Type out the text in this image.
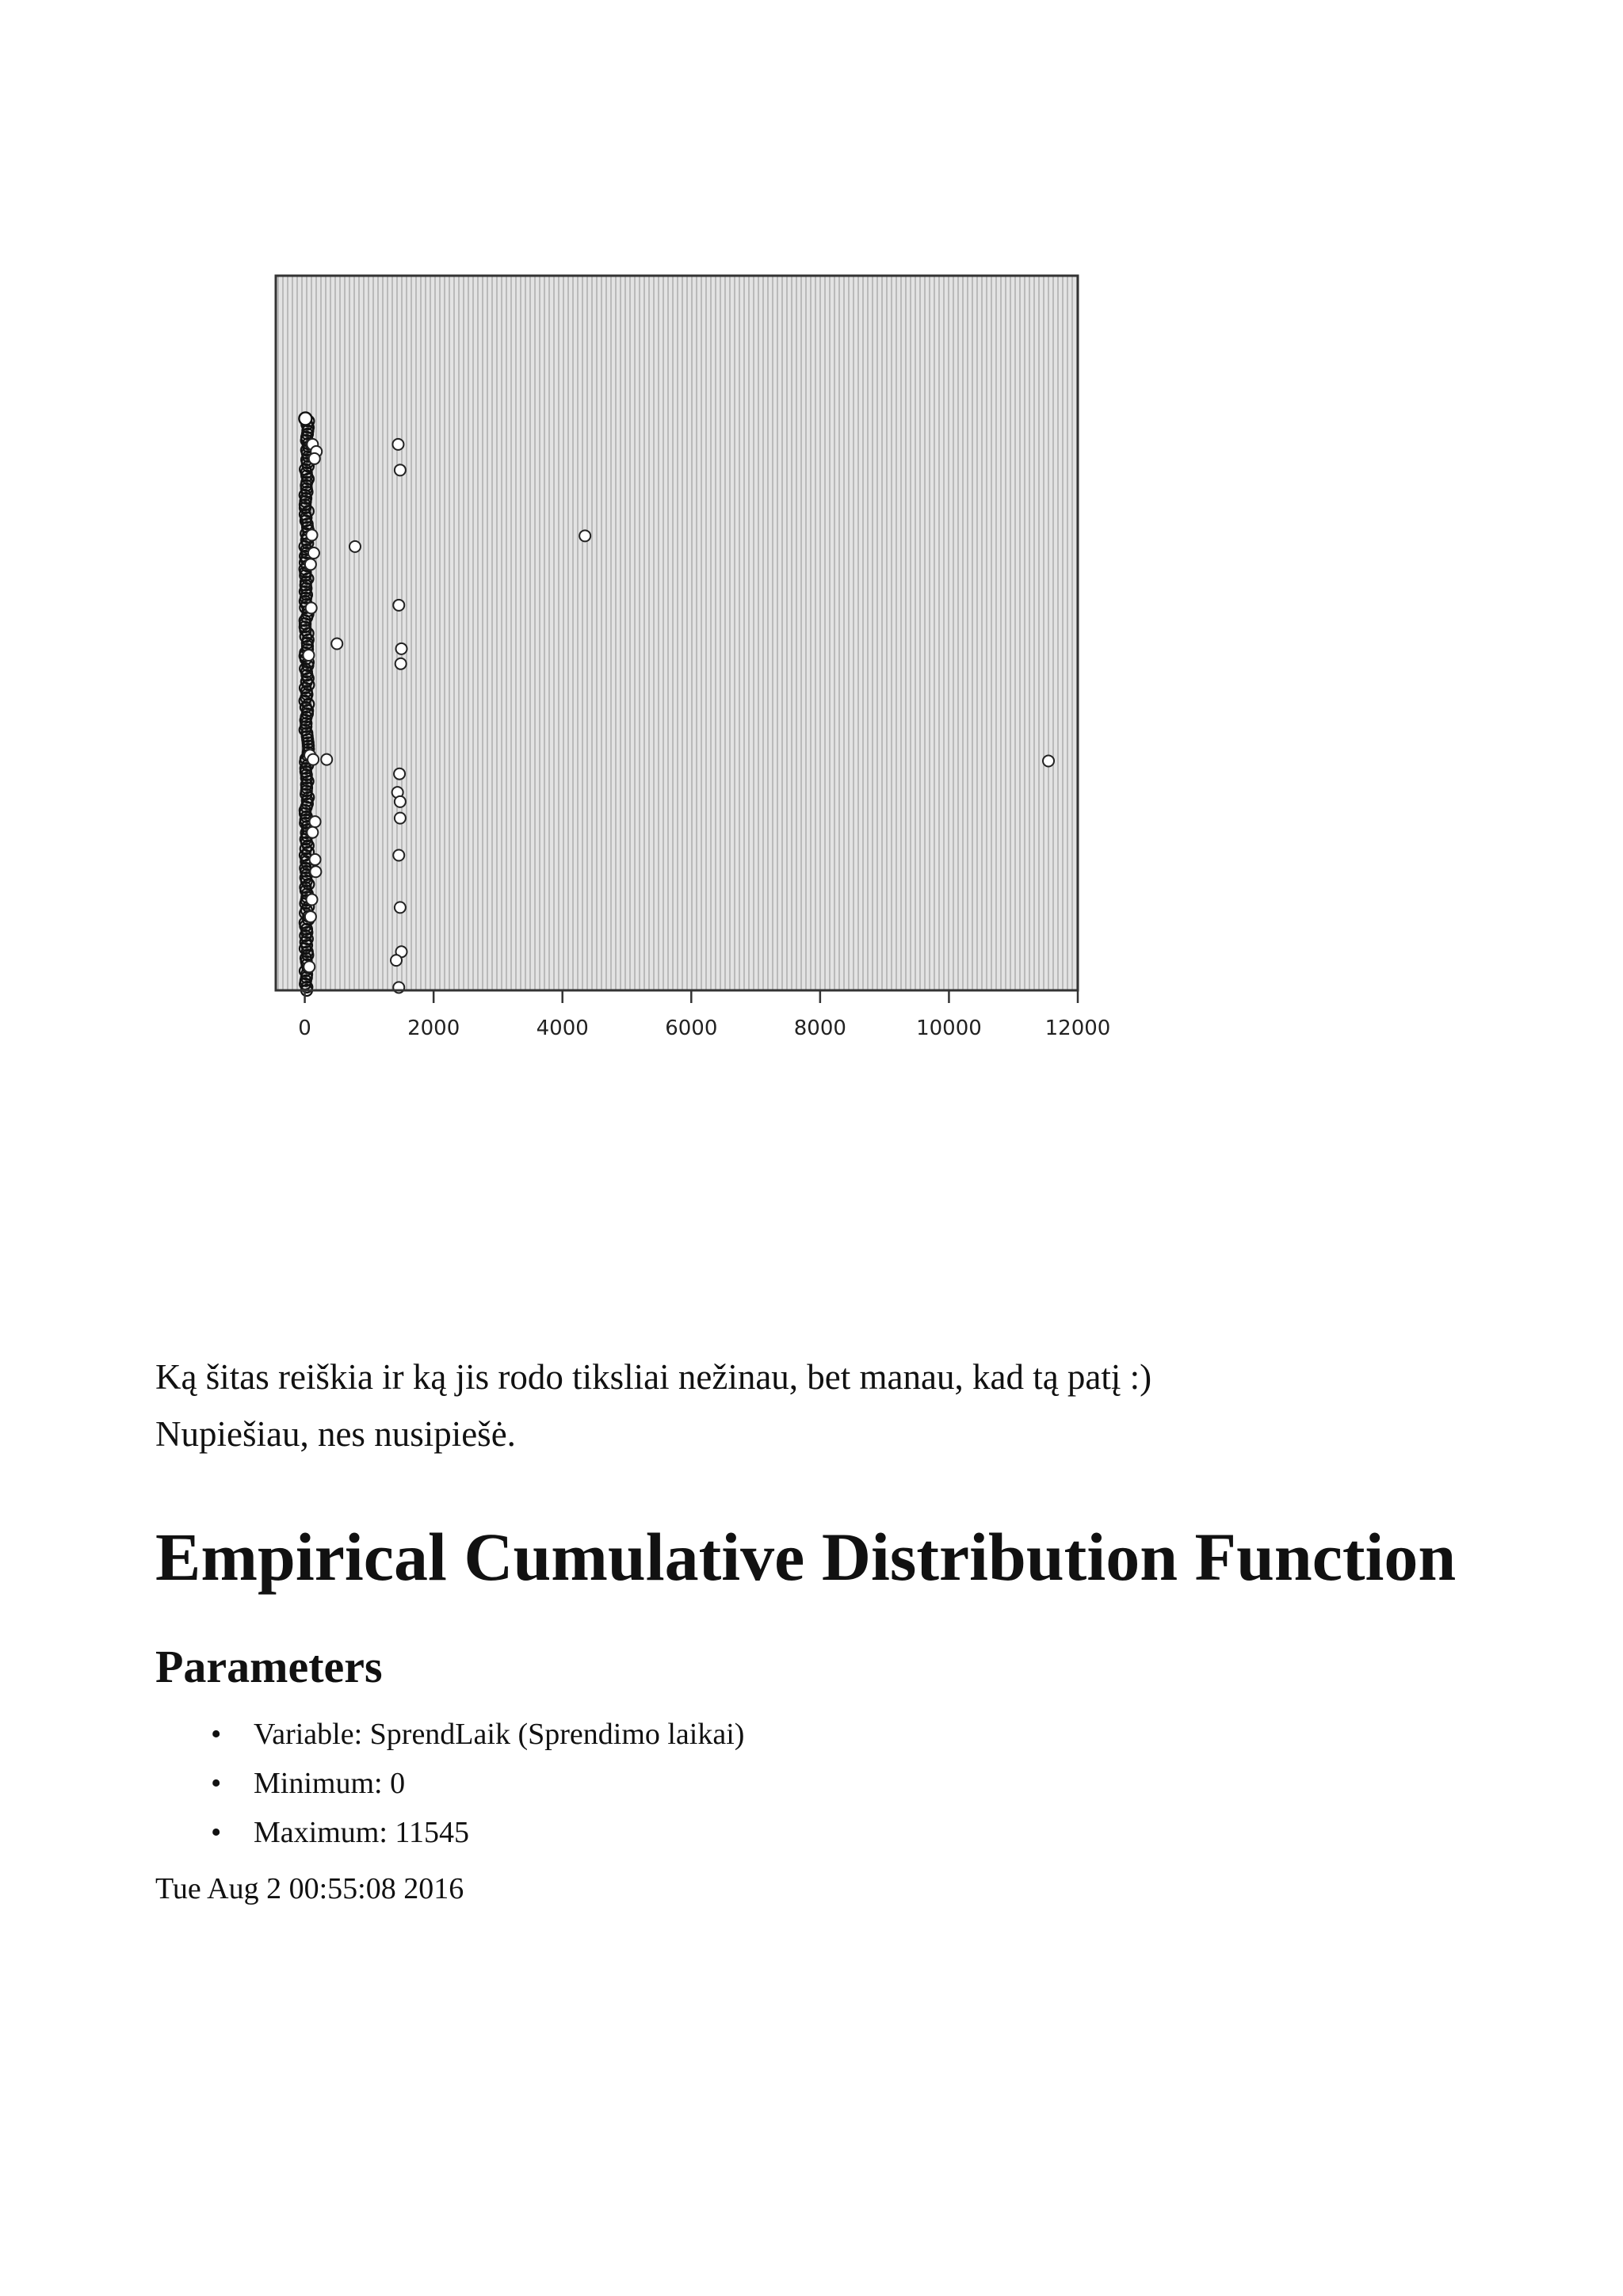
0	2000	4000	6000	8000	10000	12000

Ką šitas reiškia ir ką jis rodo tiksliai nežinau, bet manau, kad tą patį :)

Nupiešiau, nes nusipiešė.

Empirical Cumulative Distribution Function
Parameters
• Variable: SprendLaik (Sprendimo laikai)
• Minimum: 0
• Maximum: 11545
Tue Aug 2 00:55:08 2016
